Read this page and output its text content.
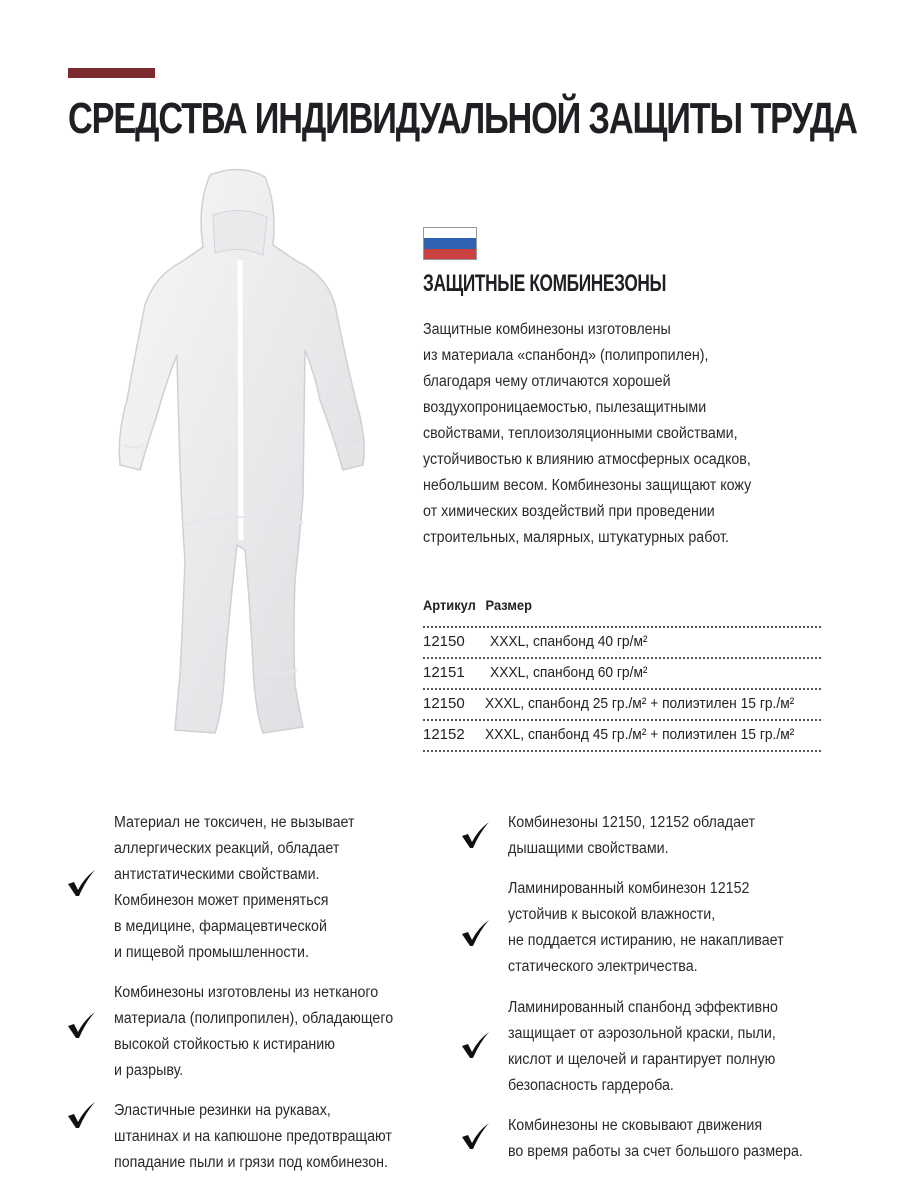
СРЕДСТВА ИНДИВИДУАЛЬНОЙ ЗАЩИТЫ ТРУДА
ЗАЩИТНЫЕ КОМБИНЕЗОНЫ
Защитные комбинезоны изготовлены
из материала «спанбонд» (полипропилен),
благодаря чему отличаются хорошей
воздухопроницаемостью, пылезащитными
свойствами, теплоизоляционными свойствами,
устойчивостью к влиянию атмосферных осадков,
небольшим весом. Комбинезоны защищают кожу
от химических воздействий при проведении
строительных, малярных, штукатурных работ.
Артикул Размер
12150	XXXL, спанбонд 40 гр/м²
12151	XXXL, спанбонд 60 гр/м²
12150	XXXL, спанбонд 25 гр./м² + полиэтилен 15 гр./м²
12152	XXXL, спанбонд 45 гр./м² + полиэтилен 15 гр./м²
Материал не токсичен, не вызывает
аллергических реакций, обладает
антистатическими свойствами.
Комбинезон может применяться
в медицине, фармацевтической
и пищевой промышленности.
Комбинезоны изготовлены из нетканого
материала (полипропилен), обладающего
высокой стойкостью к истиранию
и разрыву.
Эластичные резинки на рукавах,
штанинах и на капюшоне предотвращают
попадание пыли и грязи под комбинезон.
Комбинезоны 12150, 12152 обладает
дышащими свойствами.
Ламинированный комбинезон 12152
устойчив к высокой влажности,
не поддается истиранию, не накапливает
статического электричества.
Ламинированный спанбонд эффективно
защищает от аэрозольной краски, пыли,
кислот и щелочей и гарантирует полную
безопасность гардероба.
Комбинезоны не сковывают движения
во время работы за счет большого размера.
